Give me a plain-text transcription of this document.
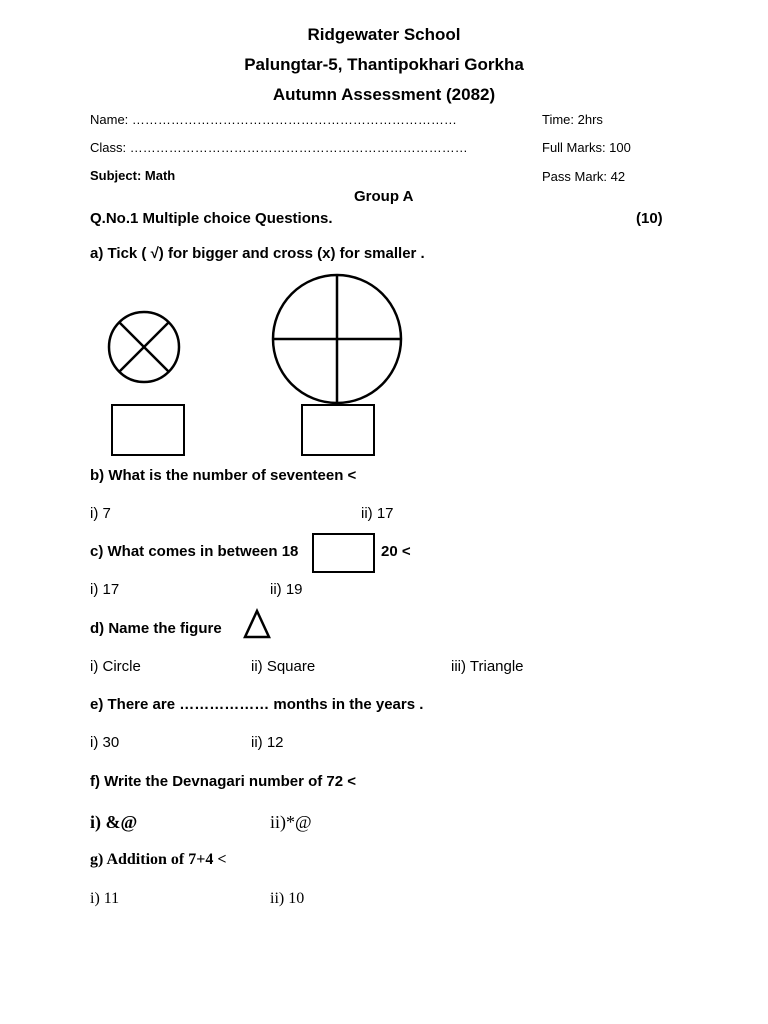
Ridgewater School
Palungtar-5, Thantipokhari Gorkha
Autumn Assessment (2082)
Name: …………………………………………………………………	Time: 2hrs
Class: ……………………………………………………………………	Full Marks: 100
Subject: Math	Pass Mark: 42
Group A
Q.No.1 Multiple choice Questions.	(10)
a) Tick ( √) for bigger and cross (x) for smaller .
b) What is the number of seventeen <
i) 7	ii) 17
c) What comes in between 18	20 <
i) 17	ii) 19
d) Name the figure
i) Circle	ii) Square	iii) Triangle
e) There are ……………… months in the years .
i) 30	ii) 12
f) Write the Devnagari number of 72 <
i) &@	ii)*@
g) Addition of 7+4 <
i) 11	ii) 10
